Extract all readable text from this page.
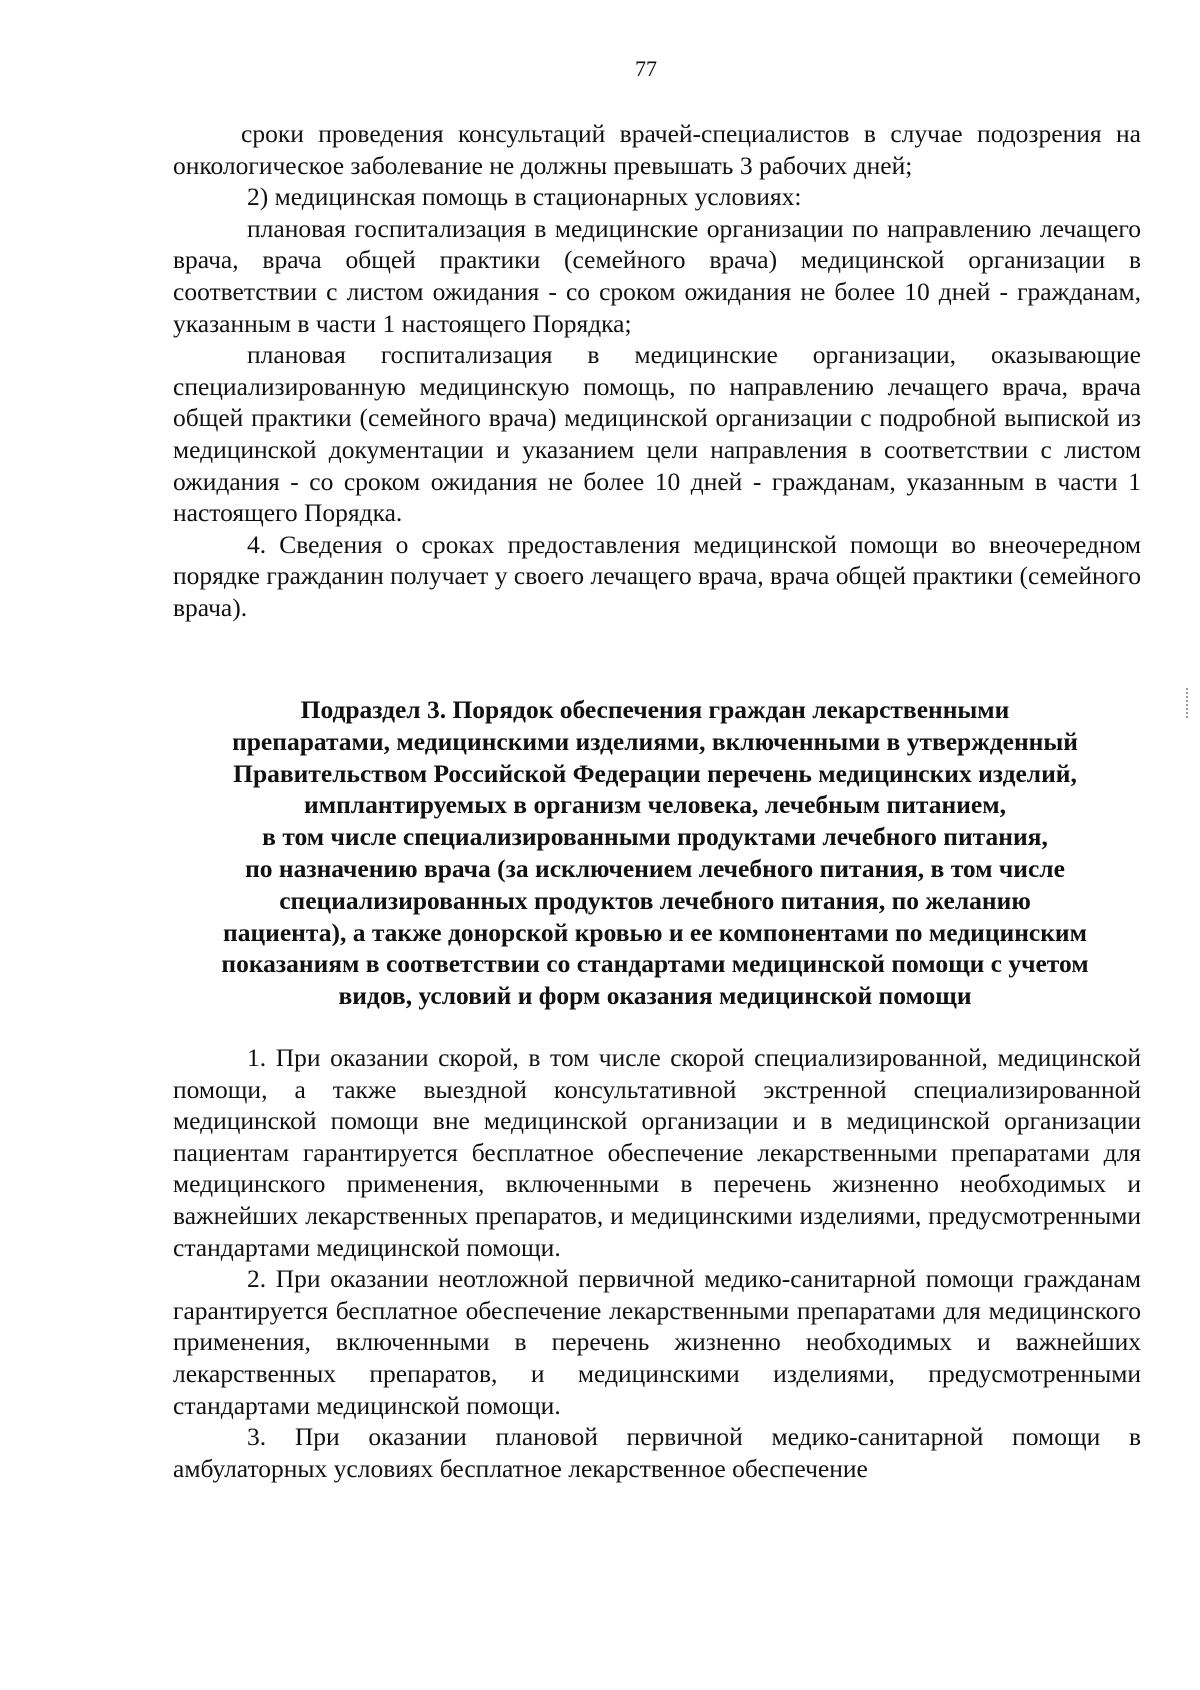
77

сроки проведения консультаций врачей-специалистов в случае подозрения на онкологическое заболевание не должны превышать 3 рабочих дней;

2) медицинская помощь в стационарных условиях:

плановая госпитализация в медицинские организации по направлению лечащего врача, врача общей практики (семейного врача) медицинской организации в соответствии с листом ожидания - со сроком ожидания не более 10 дней - гражданам, указанным в части 1 настоящего Порядка;

плановая госпитализация в медицинские организации, оказывающие специализированную медицинскую помощь, по направлению лечащего врача, врача общей практики (семейного врача) медицинской организации с подробной выпиской из медицинской документации и указанием цели направления в соответствии с листом ожидания - со сроком ожидания не более 10 дней - гражданам, указанным в части 1 настоящего Порядка.

4. Сведения о сроках предоставления медицинской помощи во внеочередном порядке гражданин получает у своего лечащего врача, врача общей практики (семейного врача).

Подраздел 3. Порядок обеспечения граждан лекарственными
препаратами, медицинскими изделиями, включенными в утвержденный
Правительством Российской Федерации перечень медицинских изделий,
имплантируемых в организм человека, лечебным питанием,
в том числе специализированными продуктами лечебного питания,
по назначению врача (за исключением лечебного питания, в том числе
специализированных продуктов лечебного питания, по желанию
пациента), а также донорской кровью и ее компонентами по медицинским
показаниям в соответствии со стандартами медицинской помощи с учетом
видов, условий и форм оказания медицинской помощи

1. При оказании скорой, в том числе скорой специализированной, медицинской помощи, а также выездной консультативной экстренной специализированной медицинской помощи вне медицинской организации и в медицинской организации пациентам гарантируется бесплатное обеспечение лекарственными препаратами для медицинского применения, включенными в перечень жизненно необходимых и важнейших лекарственных препаратов, и медицинскими изделиями, предусмотренными стандартами медицинской помощи.

2. При оказании неотложной первичной медико-санитарной помощи гражданам гарантируется бесплатное обеспечение лекарственными препаратами для медицинского применения, включенными в перечень жизненно необходимых и важнейших лекарственных препаратов, и медицинскими изделиями, предусмотренными стандартами медицинской помощи.

3. При оказании плановой первичной медико-санитарной помощи в амбулаторных условиях бесплатное лекарственное обеспечение
